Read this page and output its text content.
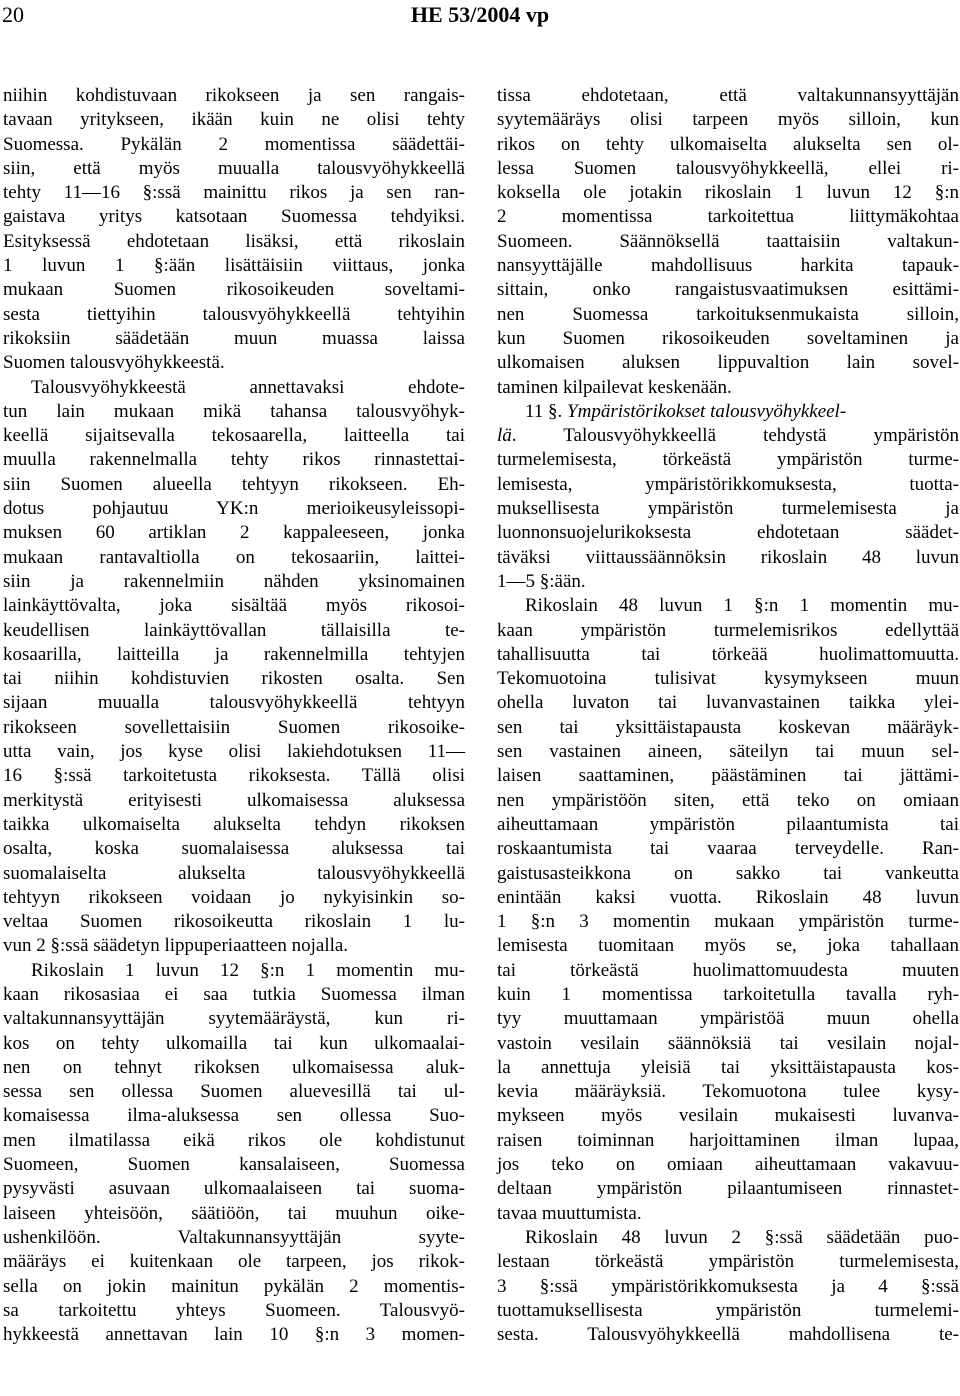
20	HE 53/2004 vp
niihin kohdistuvaan rikokseen ja sen rangais-
tavaan yritykseen, ikään kuin ne olisi tehty
Suomessa. Pykälän 2 momentissa säädettäi-
siin, että myös muualla talousvyöhykkeellä
tehty 11—16 §:ssä mainittu rikos ja sen ran-
gaistava yritys katsotaan Suomessa tehdyiksi.
Esityksessä ehdotetaan lisäksi, että rikoslain
1 luvun 1 §:ään lisättäisiin viittaus, jonka
mukaan Suomen rikosoikeuden soveltami-
sesta tiettyihin talousvyöhykkeellä tehtyihin
rikoksiin säädetään muun muassa laissa
Suomen talousvyöhykkeestä.
Talousvyöhykkeestä annettavaksi ehdote-
tun lain mukaan mikä tahansa talousvyöhyk-
keellä sijaitsevalla tekosaarella, laitteella tai
muulla rakennelmalla tehty rikos rinnastettai-
siin Suomen alueella tehtyyn rikokseen. Eh-
dotus pohjautuu YK:n merioikeusyleissopi-
muksen 60 artiklan 2 kappaleeseen, jonka
mukaan rantavaltiolla on tekosaariin, laittei-
siin ja rakennelmiin nähden yksinomainen
lainkäyttövalta, joka sisältää myös rikosoi-
keudellisen lainkäyttövallan tällaisilla te-
kosaarilla, laitteilla ja rakennelmilla tehtyjen
tai niihin kohdistuvien rikosten osalta. Sen
sijaan muualla talousvyöhykkeellä tehtyyn
rikokseen sovellettaisiin Suomen rikosoike-
utta vain, jos kyse olisi lakiehdotuksen 11—
16 §:ssä tarkoitetusta rikoksesta. Tällä olisi
merkitystä erityisesti ulkomaisessa aluksessa
taikka ulkomaiselta alukselta tehdyn rikoksen
osalta, koska suomalaisessa aluksessa tai
suomalaiselta alukselta talousvyöhykkeellä
tehtyyn rikokseen voidaan jo nykyisinkin so-
veltaa Suomen rikosoikeutta rikoslain 1 lu-
vun 2 §:ssä säädetyn lippuperiaatteen nojalla.
Rikoslain 1 luvun 12 §:n 1 momentin mu-
kaan rikosasiaa ei saa tutkia Suomessa ilman
valtakunnansyyttäjän syytemääräystä, kun ri-
kos on tehty ulkomailla tai kun ulkomaalai-
nen on tehnyt rikoksen ulkomaisessa aluk-
sessa sen ollessa Suomen aluevesillä tai ul-
komaisessa ilma-aluksessa sen ollessa Suo-
men ilmatilassa eikä rikos ole kohdistunut
Suomeen, Suomen kansalaiseen, Suomessa
pysyvästi asuvaan ulkomaalaiseen tai suoma-
laiseen yhteisöön, säätiöön, tai muuhun oike-
ushenkilöön. Valtakunnansyyttäjän syyte-
määräys ei kuitenkaan ole tarpeen, jos rikok-
sella on jokin mainitun pykälän 2 momentis-
sa tarkoitettu yhteys Suomeen. Talousvyö-
hykkeestä annettavan lain 10 §:n 3 momen-
tissa ehdotetaan, että valtakunnansyyttäjän
syytemääräys olisi tarpeen myös silloin, kun
rikos on tehty ulkomaiselta alukselta sen ol-
lessa Suomen talousvyöhykkeellä, ellei ri-
koksella ole jotakin rikoslain 1 luvun 12 §:n
2 momentissa tarkoitettua liittymäkohtaa
Suomeen. Säännöksellä taattaisiin valtakun-
nansyyttäjälle mahdollisuus harkita tapauk-
sittain, onko rangaistusvaatimuksen esittämi-
nen Suomessa tarkoituksenmukaista silloin,
kun Suomen rikosoikeuden soveltaminen ja
ulkomaisen aluksen lippuvaltion lain sovel-
taminen kilpailevat keskenään.
11 §. Ympäristörikokset talousvyöhykkeel-
lä. Talousvyöhykkeellä tehdystä ympäristön
turmelemisesta, törkeästä ympäristön turme-
lemisesta, ympäristörikkomuksesta, tuotta-
muksellisesta ympäristön turmelemisesta ja
luonnonsuojelurikoksesta ehdotetaan säädet-
täväksi viittaussäännöksin rikoslain 48 luvun
1—5 §:ään.
Rikoslain 48 luvun 1 §:n 1 momentin mu-
kaan ympäristön turmelemisrikos edellyttää
tahallisuutta tai törkeää huolimattomuutta.
Tekomuotoina tulisivat kysymykseen muun
ohella luvaton tai luvanvastainen taikka ylei-
sen tai yksittäistapausta koskevan määräyk-
sen vastainen aineen, säteilyn tai muun sel-
laisen saattaminen, päästäminen tai jättämi-
nen ympäristöön siten, että teko on omiaan
aiheuttamaan ympäristön pilaantumista tai
roskaantumista tai vaaraa terveydelle. Ran-
gaistusasteikkona on sakko tai vankeutta
enintään kaksi vuotta. Rikoslain 48 luvun
1 §:n 3 momentin mukaan ympäristön turme-
lemisesta tuomitaan myös se, joka tahallaan
tai törkeästä huolimattomuudesta muuten
kuin 1 momentissa tarkoitetulla tavalla ryh-
tyy muuttamaan ympäristöä muun ohella
vastoin vesilain säännöksiä tai vesilain nojal-
la annettuja yleisiä tai yksittäistapausta kos-
kevia määräyksiä. Tekomuotona tulee kysy-
mykseen myös vesilain mukaisesti luvanva-
raisen toiminnan harjoittaminen ilman lupaa,
jos teko on omiaan aiheuttamaan vakavuu-
deltaan ympäristön pilaantumiseen rinnastet-
tavaa muuttumista.
Rikoslain 48 luvun 2 §:ssä säädetään puo-
lestaan törkeästä ympäristön turmelemisesta,
3 §:ssä ympäristörikkomuksesta ja 4 §:ssä
tuottamuksellisesta ympäristön turmelemi-
sesta. Talousvyöhykkeellä mahdollisena te-
